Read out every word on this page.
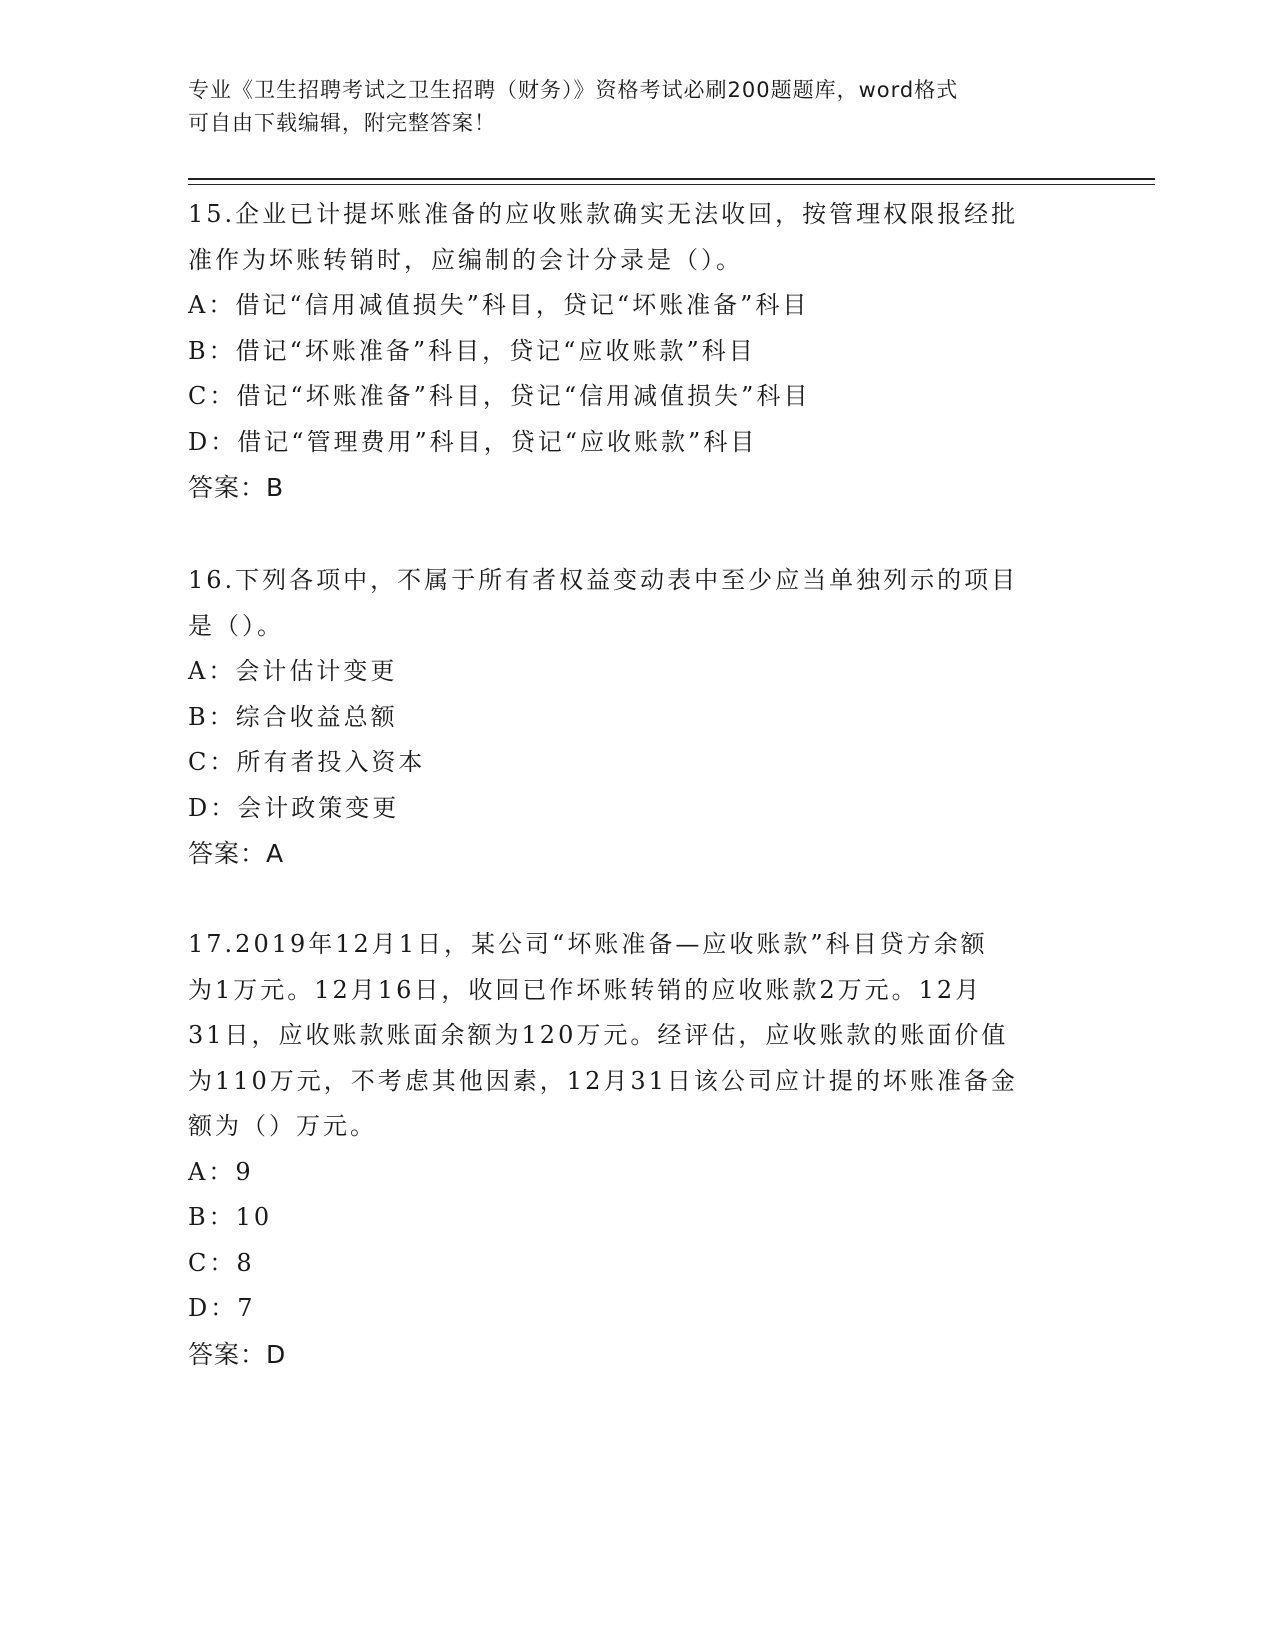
专业《卫生招聘考试之卫生招聘（财务）》资格考试必刷200题题库，word格式
可自由下载编辑，附完整答案！

15.企业已计提坏账准备的应收账款确实无法收回，按管理权限报经批

准作为坏账转销时，应编制的会计分录是（）。

A：借记“信用减值损失”科目，贷记“坏账准备”科目

B：借记“坏账准备”科目，贷记“应收账款”科目

C：借记“坏账准备”科目，贷记“信用减值损失”科目

D：借记“管理费用”科目，贷记“应收账款”科目

答案：B

16.下列各项中，不属于所有者权益变动表中至少应当单独列示的项目

是（）。

A：会计估计变更

B：综合收益总额

C：所有者投入资本

D：会计政策变更

答案：A

17.2019年12月1日，某公司“坏账准备—应收账款”科目贷方余额

为1万元。12月16日，收回已作坏账转销的应收账款2万元。12月

31日，应收账款账面余额为120万元。经评估，应收账款的账面价值

为110万元，不考虑其他因素，12月31日该公司应计提的坏账准备金

额为（）万元。

A：9

B：10

C：8

D：7

答案：D
